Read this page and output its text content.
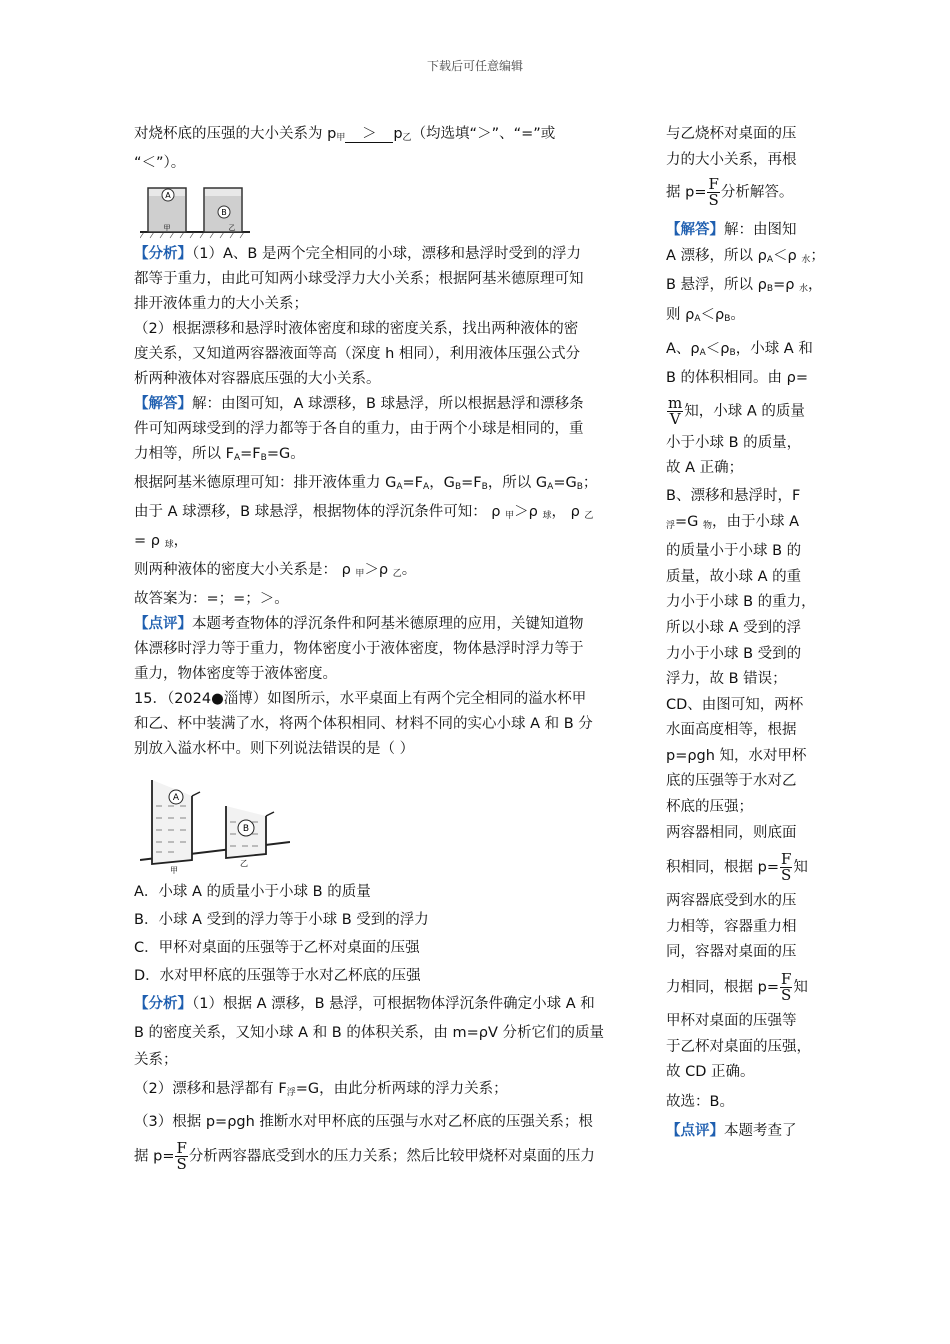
下载后可任意编辑
对烧杯底的压强的大小关系为 $p_甲 > p_乙$（均选填“＞”、“=”或
“＜”）。
A
B
甲	乙
【分析】（1）A、B 是两个完全相同的小球，漂移和悬浮时受到的浮力
都等于重力，由此可知两小球受浮力大小关系；根据阿基米德原理可知
排开液体重力的大小关系；
（2）根据漂移和悬浮时液体密度和球的密度关系，找出两种液体的密
度关系，又知道两容器液面等高（深度 h 相同），利用液体压强公式分
析两种液体对容器底压强的大小关系。
【解答】解：由图可知，A 球漂移，B 球悬浮，所以根据悬浮和漂移条
件可知两球受到的浮力都等于各自的重力，由于两个小球是相同的，重
力相等，所以 $F_A=F_B=G$。
根据阿基米德原理可知：排开液体重力 $G_A=F_A$，$G_B=F_B$，所以 $G_A=G_B$；
由于 A 球漂移，B 球悬浮，根据物体的浮沉条件可知： ρ $_甲$＞ρ $_球$， ρ $_乙$
= ρ $_球$，
则两种液体的密度大小关系是： ρ $_甲$＞ρ $_乙$。
故答案为：=；=；＞。
【点评】本题考查物体的浮沉条件和阿基米德原理的应用，关键知道物
体漂移时浮力等于重力，物体密度小于液体密度，物体悬浮时浮力等于
重力，物体密度等于液体密度。
15．（2024●淄博）如图所示，水平桌面上有两个完全相同的溢水杯甲
和乙、杯中装满了水，将两个体积相同、材料不同的实心小球 A 和 B 分
别放入溢水杯中。则下列说法错误的是（ ）
A
B
甲
乙
A．小球 A 的质量小于小球 B 的质量
B．小球 A 受到的浮力等于小球 B 受到的浮力
C．甲杯对桌面的压强等于乙杯对桌面的压强
D．水对甲杯底的压强等于水对乙杯底的压强
【分析】（1）根据 A 漂移，B 悬浮，可根据物体浮沉条件确定小球 A 和
B 的密度关系，又知小球 A 和 B 的体积关系，由 m=ρV 分析它们的质量
关系；
（2）漂移和悬浮都有 $F_浮=G$，由此分析两球的浮力关系；
（3）根据 p=ρgh 推断水对甲杯底的压强与水对乙杯底的压强关系；根
据 $p= \frac{F}{S}$ 分析两容器底受到水的压力关系；然后比较甲烧杯对桌面的压力
与乙烧杯对桌面的压
力的大小关系，再根
据 $p= \frac{F}{S}$ 分析解答。
【解答】解：由图知
A 漂移，所以 $\rho_A<\rho$ $_水$；
B 悬浮，所以 $\rho_B=\rho$ $_水$，
则 $\rho_A<\rho_B$。
A、$\rho_A<\rho_B$，小球 A 和
B 的体积相同。由 ρ=
$\frac{m}{V}$ 知，小球 A 的质量
小于小球 B 的质量，
故 A 正确；
B、漂移和悬浮时，F
$_浮$=G $_物$，由于小球 A
的质量小于小球 B 的
质量，故小球 A 的重
力小于小球 B 的重力，
所以小球 A 受到的浮
力小于小球 B 受到的
浮力，故 B 错误；
CD、由图可知，两杯
水面高度相等，根据
p=ρgh 知，水对甲杯
底的压强等于水对乙
杯底的压强；
两容器相同，则底面
积相同，根据 $p= \frac{F}{S}$ 知
两容器底受到水的压
力相等，容器重力相
同，容器对桌面的压
力相同，根据 $p= \frac{F}{S}$ 知
甲杯对桌面的压强等
于乙杯对桌面的压强，
故 CD 正确。
故选：B。
【点评】本题考查了
